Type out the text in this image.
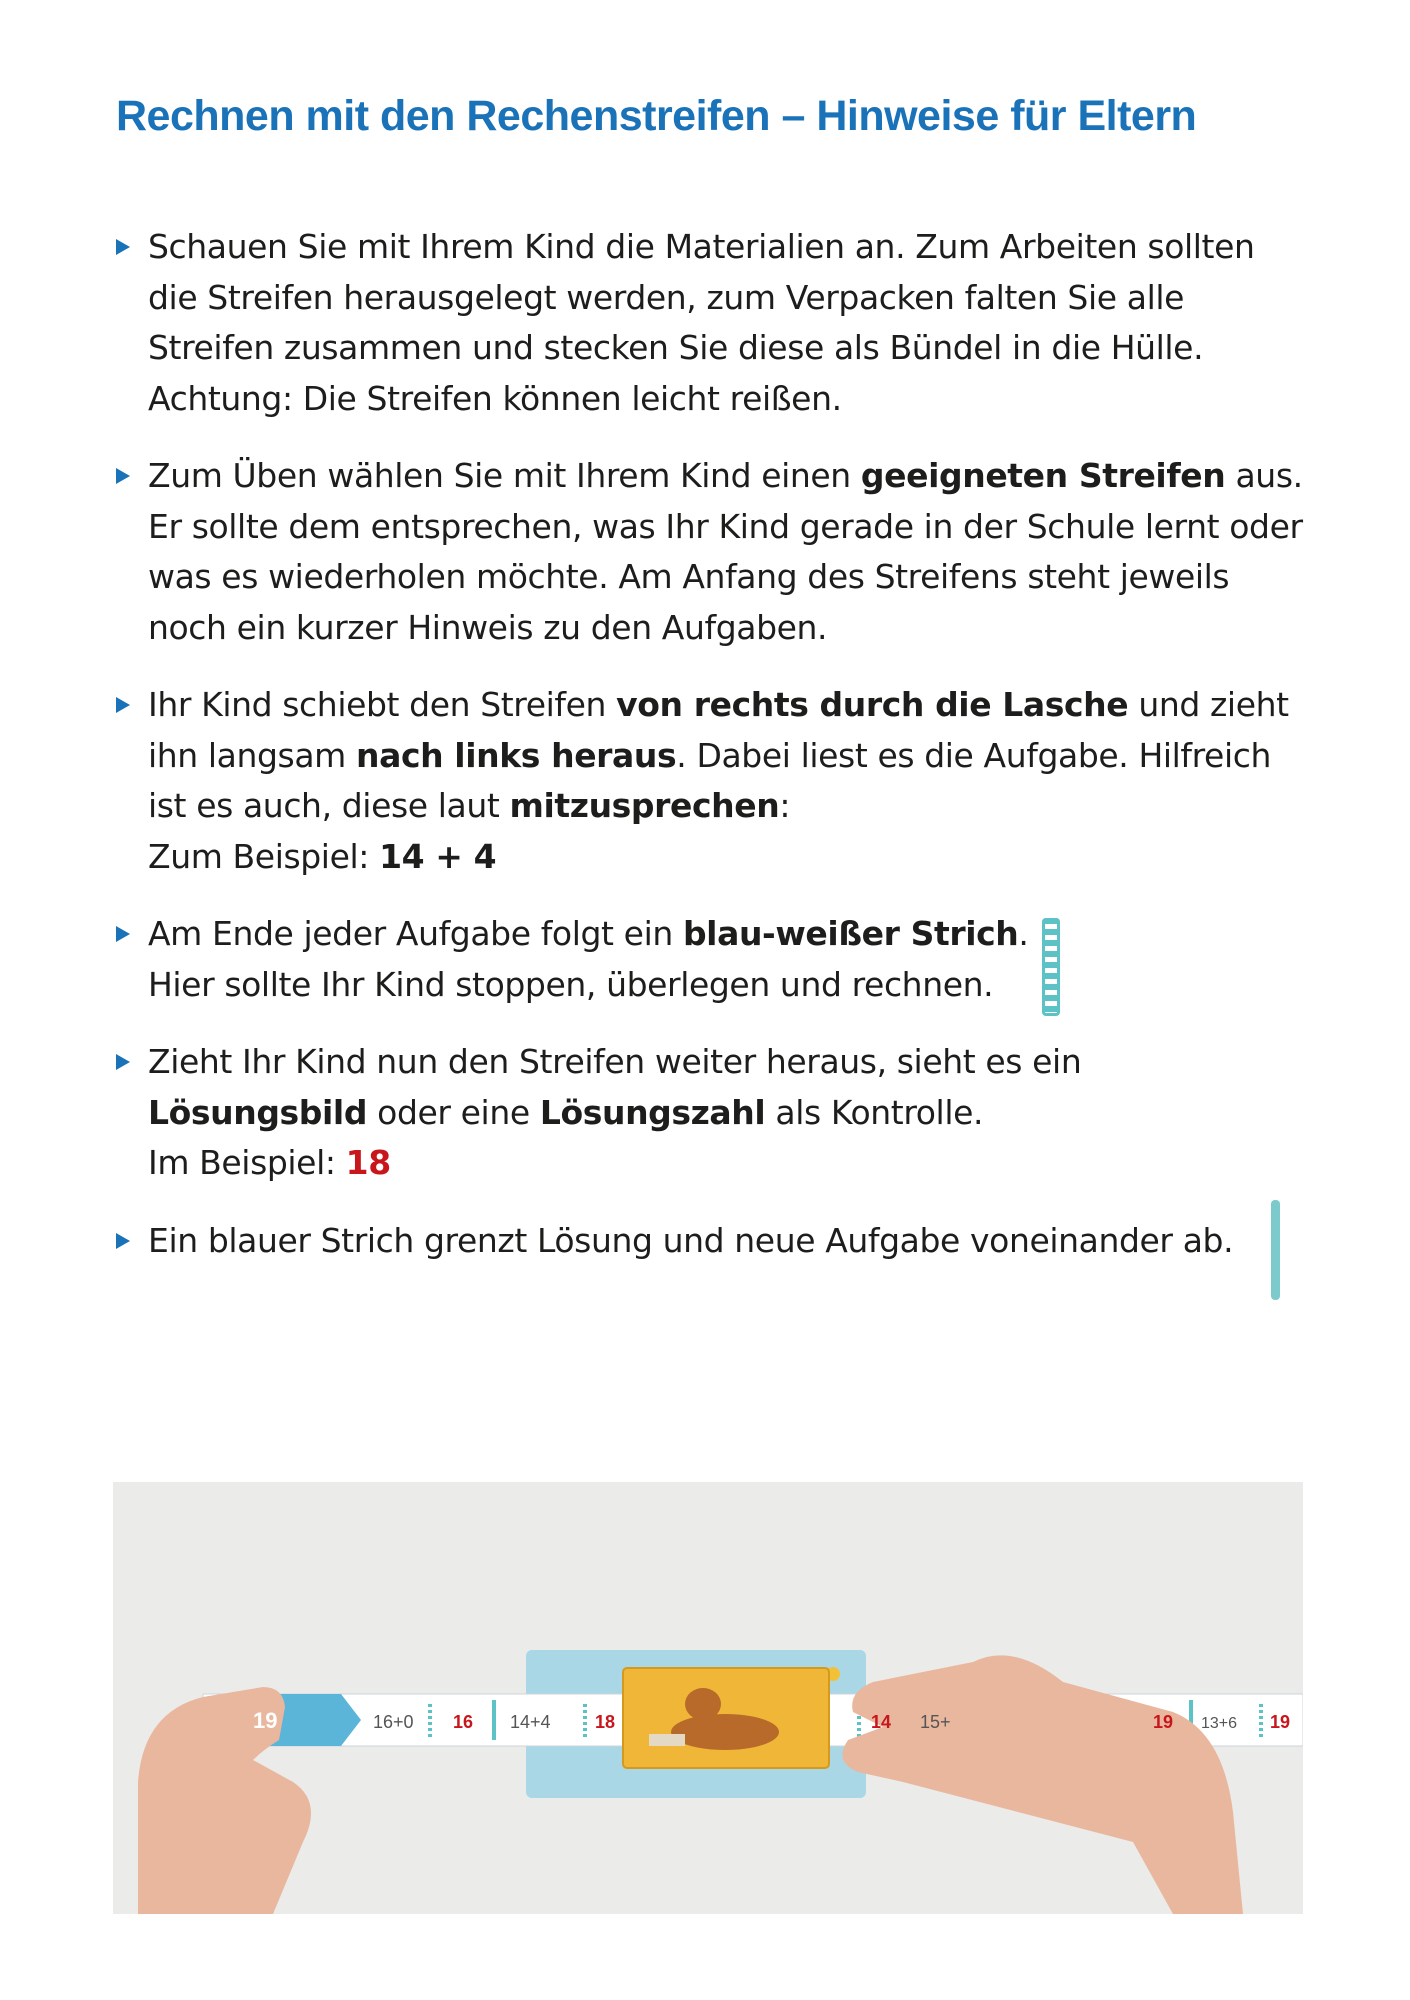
Rechnen mit den Rechenstreifen – Hinweise für Eltern
Schauen Sie mit Ihrem Kind die Materialien an. Zum Arbeiten sollten die Streifen herausgelegt werden, zum Verpacken falten Sie alle Streifen zusammen und stecken Sie diese als Bündel in die Hülle. Achtung: Die Streifen können leicht reißen.
Zum Üben wählen Sie mit Ihrem Kind einen geeigneten Streifen aus. Er sollte dem entsprechen, was Ihr Kind gerade in der Schule lernt oder was es wiederholen möchte. Am Anfang des Streifens steht jeweils noch ein kurzer Hinweis zu den Aufgaben.
Ihr Kind schiebt den Streifen von rechts durch die Lasche und zieht ihn langsam nach links heraus. Dabei liest es die Aufgabe. Hilfreich ist es auch, diese laut mitzusprechen:
Zum Beispiel: 14 + 4
Am Ende jeder Aufgabe folgt ein blau-weißer Strich.
Hier sollte Ihr Kind stoppen, überlegen und rechnen.
Zieht Ihr Kind nun den Streifen weiter heraus, sieht es ein Lösungsbild oder eine Lösungszahl als Kontrolle.
Im Beispiel: 18
Ein blauer Strich grenzt Lösung und neue Aufgabe voneinander ab.
19	16+0 16 14+4 18	14 15+	19 13+6 19
